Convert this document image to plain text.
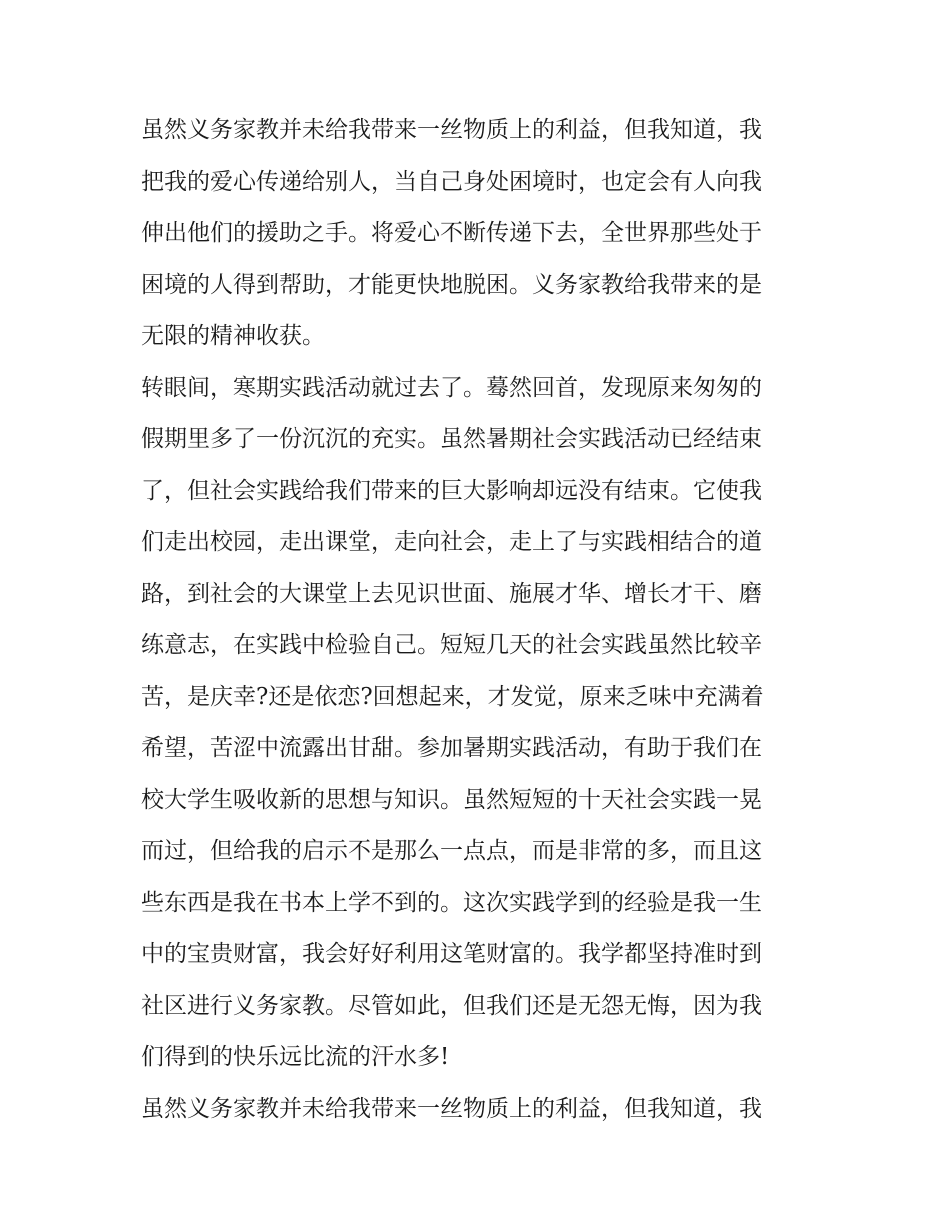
虽然义务家教并未给我带来一丝物质上的利益，但我知道，我
把我的爱心传递给别人，当自己身处困境时，也定会有人向我
伸出他们的援助之手。将爱心不断传递下去，全世界那些处于
困境的人得到帮助，才能更快地脱困。义务家教给我带来的是
无限的精神收获。
转眼间，寒期实践活动就过去了。蓦然回首，发现原来匆匆的
假期里多了一份沉沉的充实。虽然暑期社会实践活动已经结束
了，但社会实践给我们带来的巨大影响却远没有结束。它使我
们走出校园，走出课堂，走向社会，走上了与实践相结合的道
路，到社会的大课堂上去见识世面、施展才华、增长才干、磨
练意志，在实践中检验自己。短短几天的社会实践虽然比较辛
苦，是庆幸?还是依恋?回想起来，才发觉，原来乏味中充满着
希望，苦涩中流露出甘甜。参加暑期实践活动，有助于我们在
校大学生吸收新的思想与知识。虽然短短的十天社会实践一晃
而过，但给我的启示不是那么一点点，而是非常的多，而且这
些东西是我在书本上学不到的。这次实践学到的经验是我一生
中的宝贵财富，我会好好利用这笔财富的。我学都坚持准时到
社区进行义务家教。尽管如此，但我们还是无怨无悔，因为我
们得到的快乐远比流的汗水多!
虽然义务家教并未给我带来一丝物质上的利益，但我知道，我
